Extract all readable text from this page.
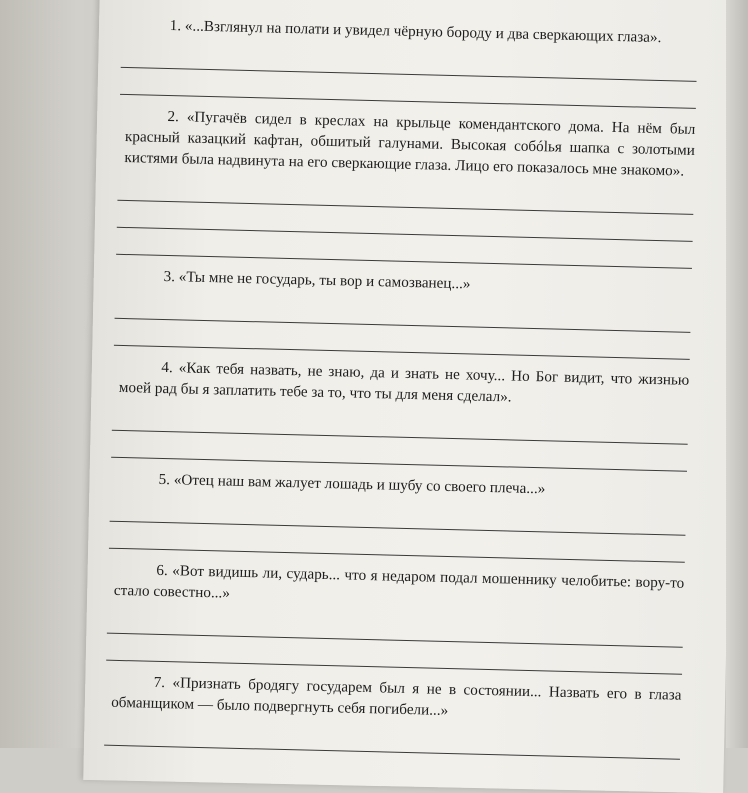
1. «...Взглянул на полати и увидел чёрную бороду и два сверкающих глаза».

2. «Пугачёв сидел в креслах на крыльце комендантского дома. На нём был красный казацкий кафтан, обшитый галунами. Высокая собólья шапка с золотыми кистями была надвинута на его сверкающие глаза. Лицо его показалось мне знакомо».

3. «Ты мне не государь, ты вор и самозванец...»

4. «Как тебя назвать, не знаю, да и знать не хочу... Но Бог видит, что жизнью моей рад бы я заплатить тебе за то, что ты для меня сделал».

5. «Отец наш вам жалует лошадь и шубу со своего плеча...»

6. «Вот видишь ли, сударь... что я недаром подал мошеннику челобитье: вору-то стало совестно...»

7. «Признать бродягу государем был я не в состоянии... Назвать его в глаза обманщиком — было подвергнуть себя погибели...»
